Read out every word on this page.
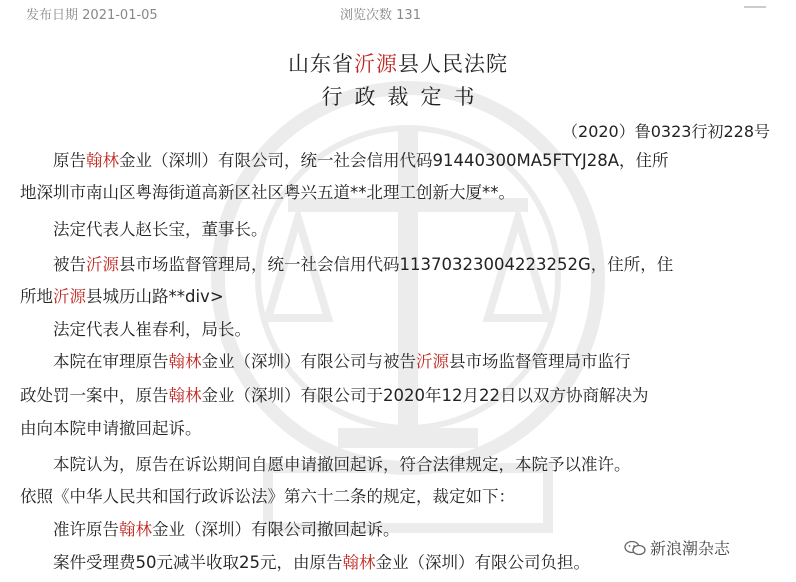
发布日期 2021-01-05	浏览次数 131
山东省沂源县人民法院
行政裁定书
（2020）鲁0323行初228号
原告翰林金业（深圳）有限公司，统一社会信用代码91440300MA5FTYJ28A，住所
地深圳市南山区粤海街道高新区社区粤兴五道**北理工创新大厦**。
法定代表人赵长宝，董事长。
被告沂源县市场监督管理局，统一社会信用代码11370323004223252G，住所，住
所地沂源县城历山路**div>
法定代表人崔春利，局长。
本院在审理原告翰林金业（深圳）有限公司与被告沂源县市场监督管理局市监行
政处罚一案中，原告翰林金业（深圳）有限公司于2020年12月22日以双方协商解决为
由向本院申请撤回起诉。
本院认为，原告在诉讼期间自愿申请撤回起诉，符合法律规定，本院予以准许。
依照《中华人民共和国行政诉讼法》第六十二条的规定，裁定如下：
准许原告翰林金业（深圳）有限公司撤回起诉。
案件受理费50元减半收取25元，由原告翰林金业（深圳）有限公司负担。
新浪潮杂志
